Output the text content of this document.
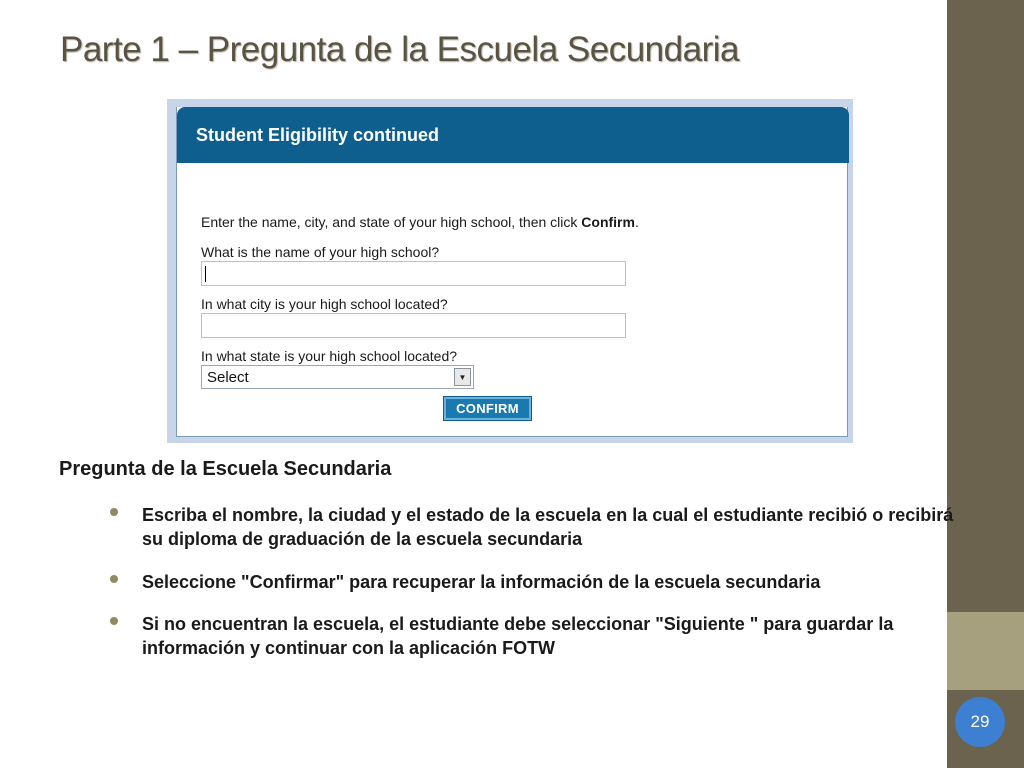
29
Parte 1 – Pregunta de la Escuela Secundaria
Student Eligibility continued
Enter the name, city, and state of your high school, then click Confirm.
What is the name of your high school?
In what city is your high school located?
In what state is your high school located?
Select	▼
CONFIRM
Pregunta de la Escuela Secundaria
Escriba el nombre, la ciudad y el estado de la escuela en la cual el estudiante recibió o recibirá su diploma de graduación de la escuela secundaria
Seleccione "Confirmar" para recuperar la información de la escuela secundaria
Si no encuentran la escuela, el estudiante debe seleccionar "Siguiente " para guardar la información y continuar con la aplicación FOTW
